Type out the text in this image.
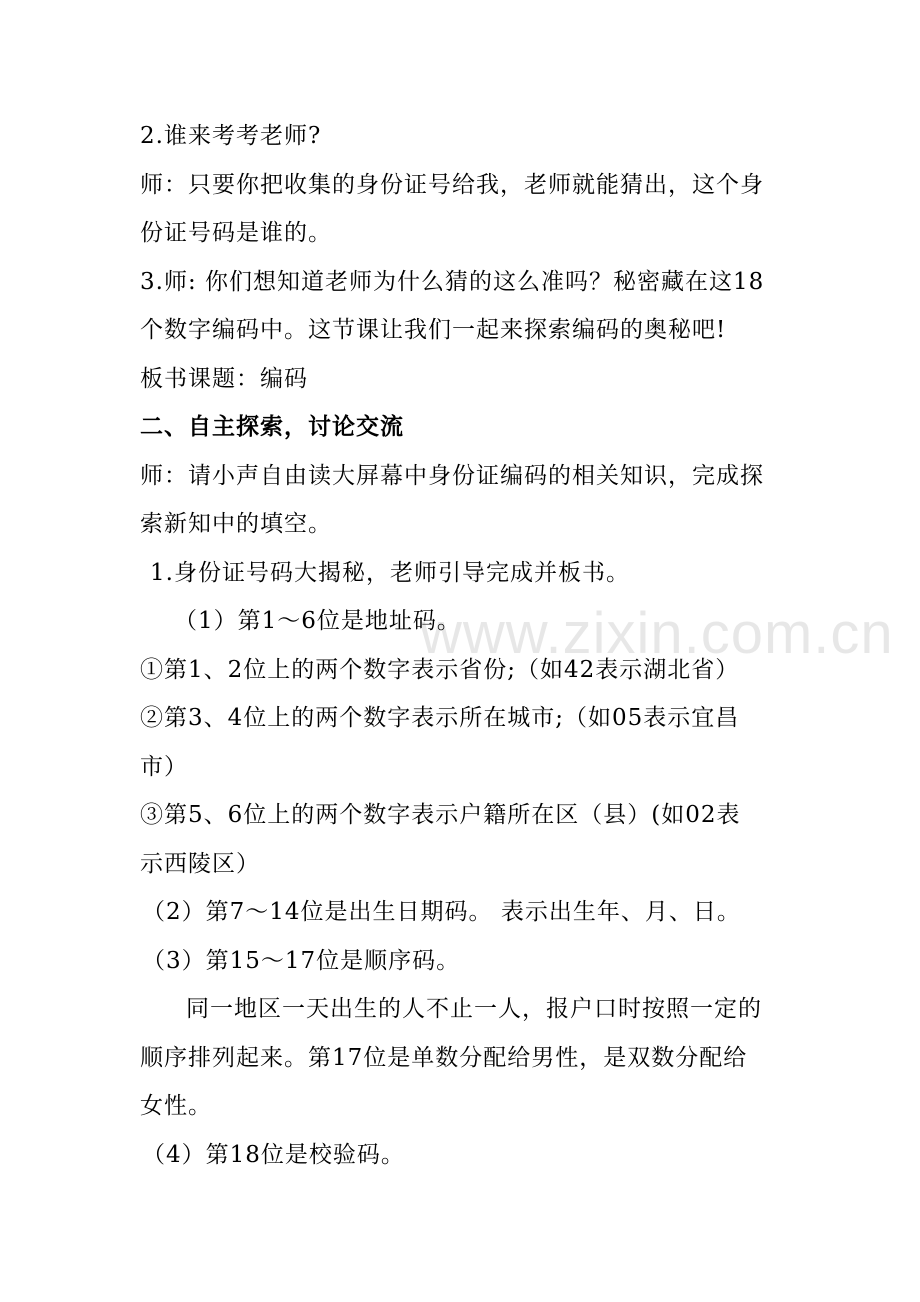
2.谁来考考老师?
师：只要你把收集的身份证号给我，老师就能猜出，这个身
份证号码是谁的。
3.师: 你们想知道老师为什么猜的这么准吗？秘密藏在这18
个数字编码中。这节课让我们一起来探索编码的奥秘吧!
板书课题：编码
二、自主探索，讨论交流
师：请小声自由读大屏幕中身份证编码的相关知识，完成探
索新知中的填空。
1.身份证号码大揭秘，老师引导完成并板书。
（1）第1～6位是地址码。
①第1、2位上的两个数字表示省份;（如42表示湖北省）
②第3、4位上的两个数字表示所在城市;（如05表示宜昌
市）
③第5、6位上的两个数字表示户籍所在区（县）(如02表
示西陵区）
（2）第7～14位是出生日期码。 表示出生年、月、日。
（3）第15～17位是顺序码。
同一地区一天出生的人不止一人，报户口时按照一定的
顺序排列起来。第17位是单数分配给男性，是双数分配给
女性。
（4）第18位是校验码。
www.zixin.com.cn
